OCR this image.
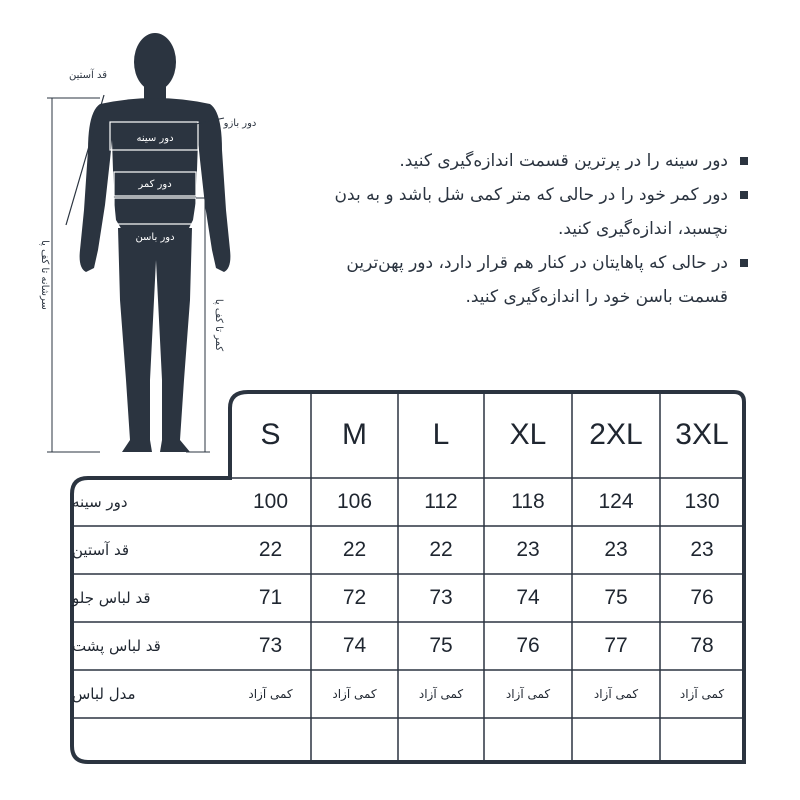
قد آستین
دور بازو
دور سینه
دور کمر
دور باسن
سرشانه تا کف پا
کمر تا کف پا
دور سینه را در پرترین قسمت اندازه‌گیری کنید.
دور کمر خود را در حالی که متر کمی شل باشد و به بدن نچسبد، اندازه‌گیری کنید.
در حالی که پاهایتان در کنار هم قرار دارد، دور پهن‌ترین قسمت باسن خود را اندازه‌گیری کنید.
S	M	L	XL	2XL	3XL
دور سینه	100	106	112	118	124	130
قد آستین	22	22	22	23	23	23
قد لباس جلو	71	72	73	74	75	76
قد لباس پشت	73	74	75	76	77	78
مدل لباس	کمی آزاد	کمی آزاد	کمی آزاد	کمی آزاد	کمی آزاد	کمی آزاد
